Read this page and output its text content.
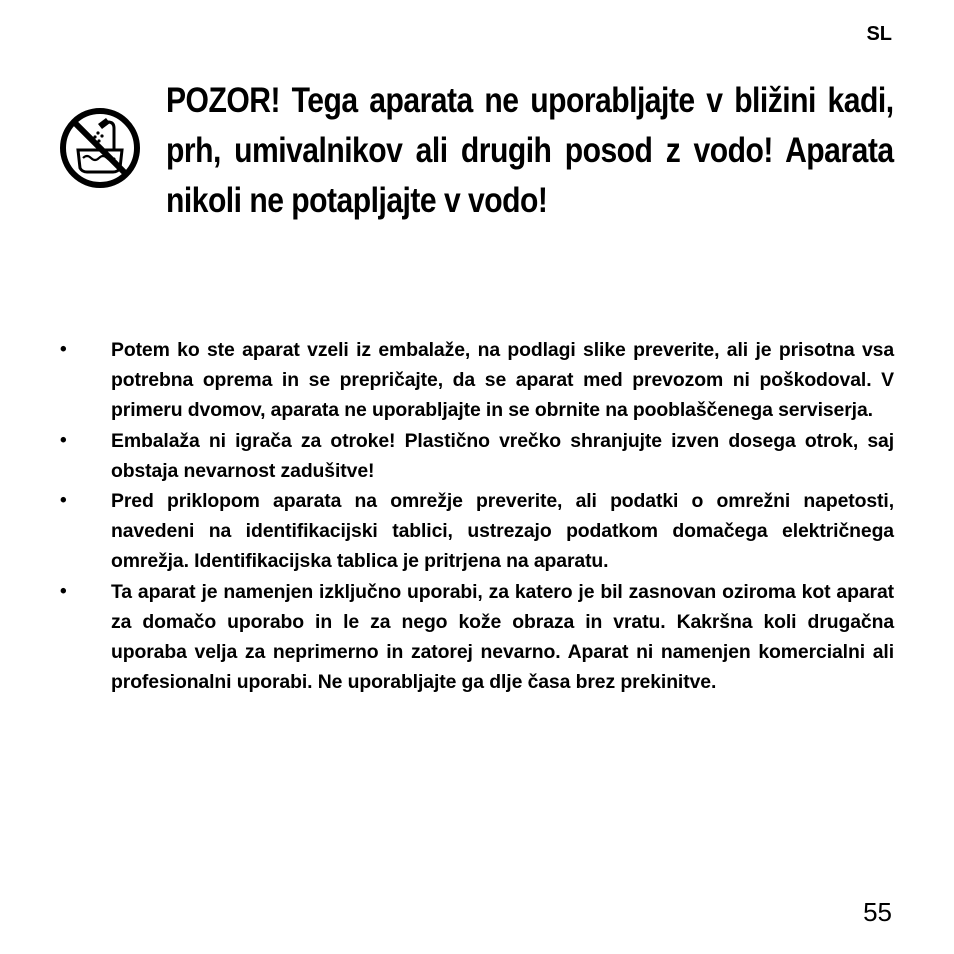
SL

POZOR! Tega aparata ne uporabljajte v bližini kadi, prh, umivalnikov ali drugih posod z vodo! Aparata nikoli ne potapljajte v vodo!

• Potem ko ste aparat vzeli iz embalaže, na podlagi slike preverite, ali je prisotna vsa potrebna oprema in se prepričajte, da se aparat med prevozom ni poškodoval. V primeru dvomov, aparata ne uporabljajte in se obrnite na pooblaščenega serviserja.
• Embalaža ni igrača za otroke! Plastično vrečko shranjujte izven dosega otrok, saj obstaja nevarnost zadušitve!
• Pred priklopom aparata na omrežje preverite, ali podatki o omrežni napetosti, navedeni na identifikacijski tablici, ustrezajo podatkom domačega električnega omrežja. Identifikacijska tablica je pritrjena na aparatu.
• Ta aparat je namenjen izključno uporabi, za katero je bil zasnovan oziroma kot aparat za domačo uporabo in le za nego kože obraza in vratu. Kakršna koli drugačna uporaba velja za neprimerno in zatorej nevarno. Aparat ni namenjen komercialni ali profesionalni uporabi. Ne uporabljajte ga dlje časa brez prekinitve.
55
